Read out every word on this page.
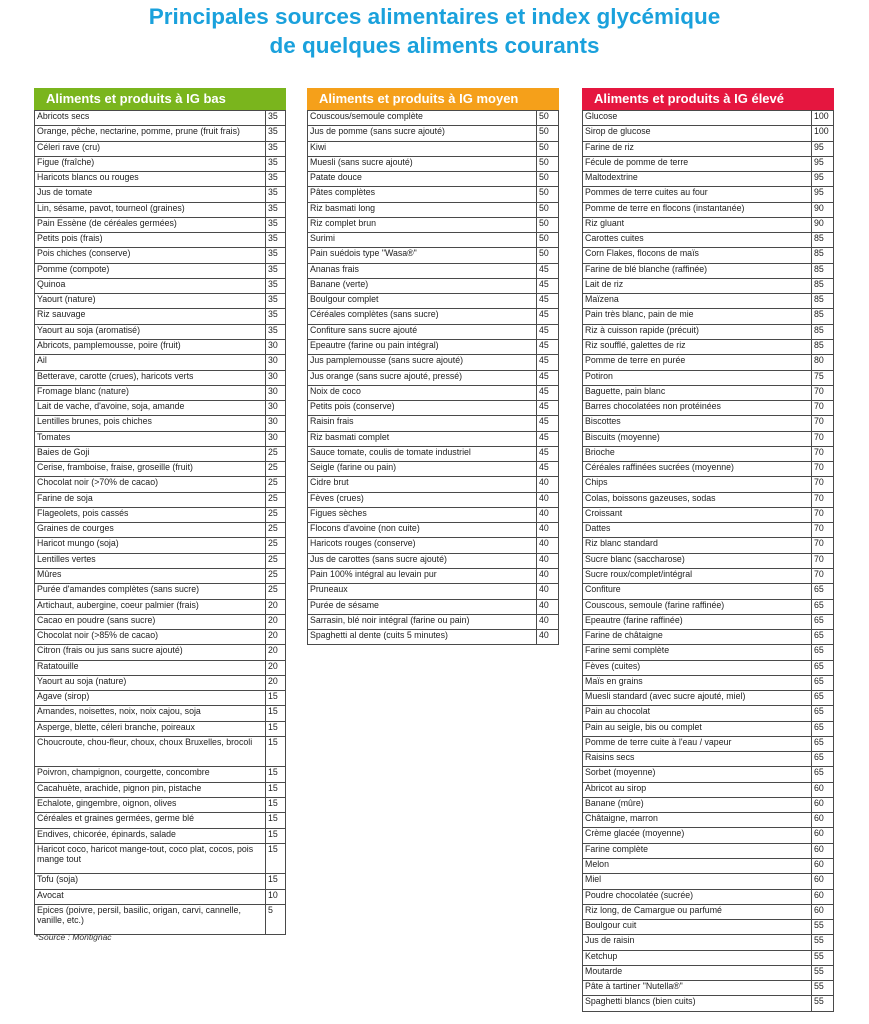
Principales sources alimentaires et index glycémique
de quelques aliments courants
Aliments et produits à IG bas
Abricots secs	35
Orange, pêche, nectarine, pomme, prune (fruit frais)	35
Céleri rave (cru)	35
Figue (fraîche)	35
Haricots blancs ou rouges	35
Jus de tomate	35
Lin, sésame, pavot, tourneol (graines)	35
Pain Essène (de céréales germées)	35
Petits pois (frais)	35
Pois chiches (conserve)	35
Pomme (compote)	35
Quinoa	35
Yaourt (nature)	35
Riz sauvage	35
Yaourt au soja (aromatisé)	35
Abricots, pamplemousse, poire (fruit)	30
Ail	30
Betterave, carotte (crues), haricots verts	30
Fromage blanc (nature)	30
Lait de vache, d'avoine, soja, amande	30
Lentilles brunes, pois chiches	30
Tomates	30
Baies de Goji	25
Cerise, framboise, fraise, groseille (fruit)	25
Chocolat noir (>70% de cacao)	25
Farine de soja	25
Flageolets, pois cassés	25
Graines de courges	25
Haricot mungo (soja)	25
Lentilles vertes	25
Mûres	25
Purée d'amandes complètes (sans sucre)	25
Artichaut, aubergine, coeur palmier (frais)	20
Cacao en poudre (sans sucre)	20
Chocolat noir (>85% de cacao)	20
Citron (frais ou jus sans sucre ajouté)	20
Ratatouille	20
Yaourt au soja (nature)	20
Agave (sirop)	15
Amandes, noisettes, noix, noix cajou, soja	15
Asperge, blette, céleri branche, poireaux	15
Choucroute, chou-fleur, choux, choux Bruxelles, brocoli	15
Poivron, champignon, courgette, concombre	15
Cacahuète, arachide, pignon pin, pistache	15
Echalote, gingembre, oignon, olives	15
Céréales et graines germées, germe blé	15
Endives, chicorée, épinards, salade	15
Haricot coco, haricot mange-tout, coco plat, cocos, pois mange tout	15
Tofu (soja)	15
Avocat	10
Epices (poivre, persil, basilic, origan, carvi, cannelle, vanille, etc.)	5
Aliments et produits à IG moyen
Couscous/semoule complète	50
Jus de pomme (sans sucre ajouté)	50
Kiwi	50
Muesli (sans sucre ajouté)	50
Patate douce	50
Pâtes complètes	50
Riz basmati long	50
Riz complet brun	50
Surimi	50
Pain suédois type "Wasa®"	50
Ananas frais	45
Banane (verte)	45
Boulgour complet	45
Céréales complètes (sans sucre)	45
Confiture sans sucre ajouté	45
Epeautre (farine ou pain intégral)	45
Jus pamplemousse (sans sucre ajouté)	45
Jus orange (sans sucre ajouté, pressé)	45
Noix de coco	45
Petits pois (conserve)	45
Raisin frais	45
Riz basmati complet	45
Sauce tomate, coulis de tomate industriel	45
Seigle (farine ou pain)	45
Cidre brut	40
Fèves (crues)	40
Figues sèches	40
Flocons d'avoine (non cuite)	40
Haricots rouges (conserve)	40
Jus de carottes (sans sucre ajouté)	40
Pain 100% intégral au levain pur	40
Pruneaux	40
Purée de sésame	40
Sarrasin, blé noir intégral (farine ou pain)	40
Spaghetti al dente (cuits 5 minutes)	40
Aliments et produits à IG élevé
Glucose	100
Sirop de glucose	100
Farine de riz	95
Fécule de pomme de terre	95
Maltodextrine	95
Pommes de terre cuites au four	95
Pomme de terre en flocons (instantanée)	90
Riz gluant	90
Carottes cuites	85
Corn Flakes, flocons de maïs	85
Farine de blé blanche (raffinée)	85
Lait de riz	85
Maïzena	85
Pain très blanc, pain de mie	85
Riz à cuisson rapide (précuit)	85
Riz soufflé, galettes de riz	85
Pomme de terre en purée	80
Potiron	75
Baguette, pain blanc	70
Barres chocolatées non protéinées	70
Biscottes	70
Biscuits (moyenne)	70
Brioche	70
Céréales raffinées sucrées (moyenne)	70
Chips	70
Colas, boissons gazeuses, sodas	70
Croissant	70
Dattes	70
Riz blanc standard	70
Sucre blanc (saccharose)	70
Sucre roux/complet/intégral	70
Confiture	65
Couscous, semoule (farine raffinée)	65
Epeautre (farine raffinée)	65
Farine de châtaigne	65
Farine semi complète	65
Fèves (cuites)	65
Maïs en grains	65
Muesli standard (avec sucre ajouté, miel)	65
Pain au chocolat	65
Pain au seigle, bis ou complet	65
Pomme de terre cuite à l'eau / vapeur	65
Raisins secs	65
Sorbet (moyenne)	65
Abricot au sirop	60
Banane (mûre)	60
Châtaigne, marron	60
Crème glacée (moyenne)	60
Farine complète	60
Melon	60
Miel	60
Poudre chocolatée (sucrée)	60
Riz long, de Camargue ou parfumé	60
Boulgour cuit	55
Jus de raisin	55
Ketchup	55
Moutarde	55
Pâte à tartiner "Nutella®"	55
Spaghetti blancs (bien cuits)	55
*Source : Montignac
